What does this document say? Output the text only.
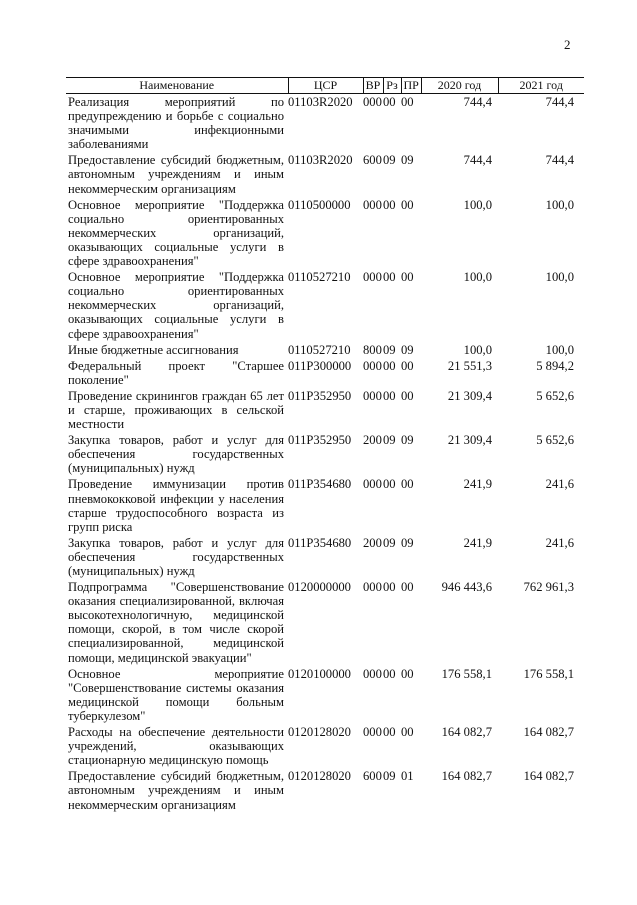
2
Наименование	ЦСР	ВР	Рз	ПР	2020 год	2021 год
Реализация мероприятий по предупреждению и борьбе с социально значимыми инфекционными заболеваниями	01103R2020	000	00	00	744,4	744,4
Предоставление субсидий бюджетным, автономным учреждениям и иным некоммерческим организациям	01103R2020	600	09	09	744,4	744,4
Основное мероприятие "Поддержка социально ориентированных некоммерческих организаций, оказывающих социальные услуги в сфере здравоохранения"	0110500000	000	00	00	100,0	100,0
Основное мероприятие "Поддержка социально ориентированных некоммерческих организаций, оказывающих социальные услуги в сфере здравоохранения"	0110527210	000	00	00	100,0	100,0
Иные бюджетные ассигнования	0110527210	800	09	09	100,0	100,0
Федеральный проект "Старшее поколение"	011P300000	000	00	00	21 551,3	5 894,2
Проведение скринингов граждан 65 лет и старше, проживающих в сельской местности	011P352950	000	00	00	21 309,4	5 652,6
Закупка товаров, работ и услуг для обеспечения государственных (муниципальных) нужд	011P352950	200	09	09	21 309,4	5 652,6
Проведение иммунизации против пневмококковой инфекции у населения старше трудоспособного возраста из групп риска	011P354680	000	00	00	241,9	241,6
Закупка товаров, работ и услуг для обеспечения государственных (муниципальных) нужд	011P354680	200	09	09	241,9	241,6
Подпрограмма "Совершенствование оказания специализированной, включая высокотехнологичную, медицинской помощи, скорой, в том числе скорой специализированной, медицинской помощи, медицинской эвакуации"	0120000000	000	00	00	946 443,6	762 961,3
Основное мероприятие "Совершенствование системы оказания медицинской помощи больным туберкулезом"	0120100000	000	00	00	176 558,1	176 558,1
Расходы на обеспечение деятельности учреждений, оказывающих стационарную медицинскую помощь	0120128020	000	00	00	164 082,7	164 082,7
Предоставление субсидий бюджетным, автономным учреждениям и иным некоммерческим организациям	0120128020	600	09	01	164 082,7	164 082,7
